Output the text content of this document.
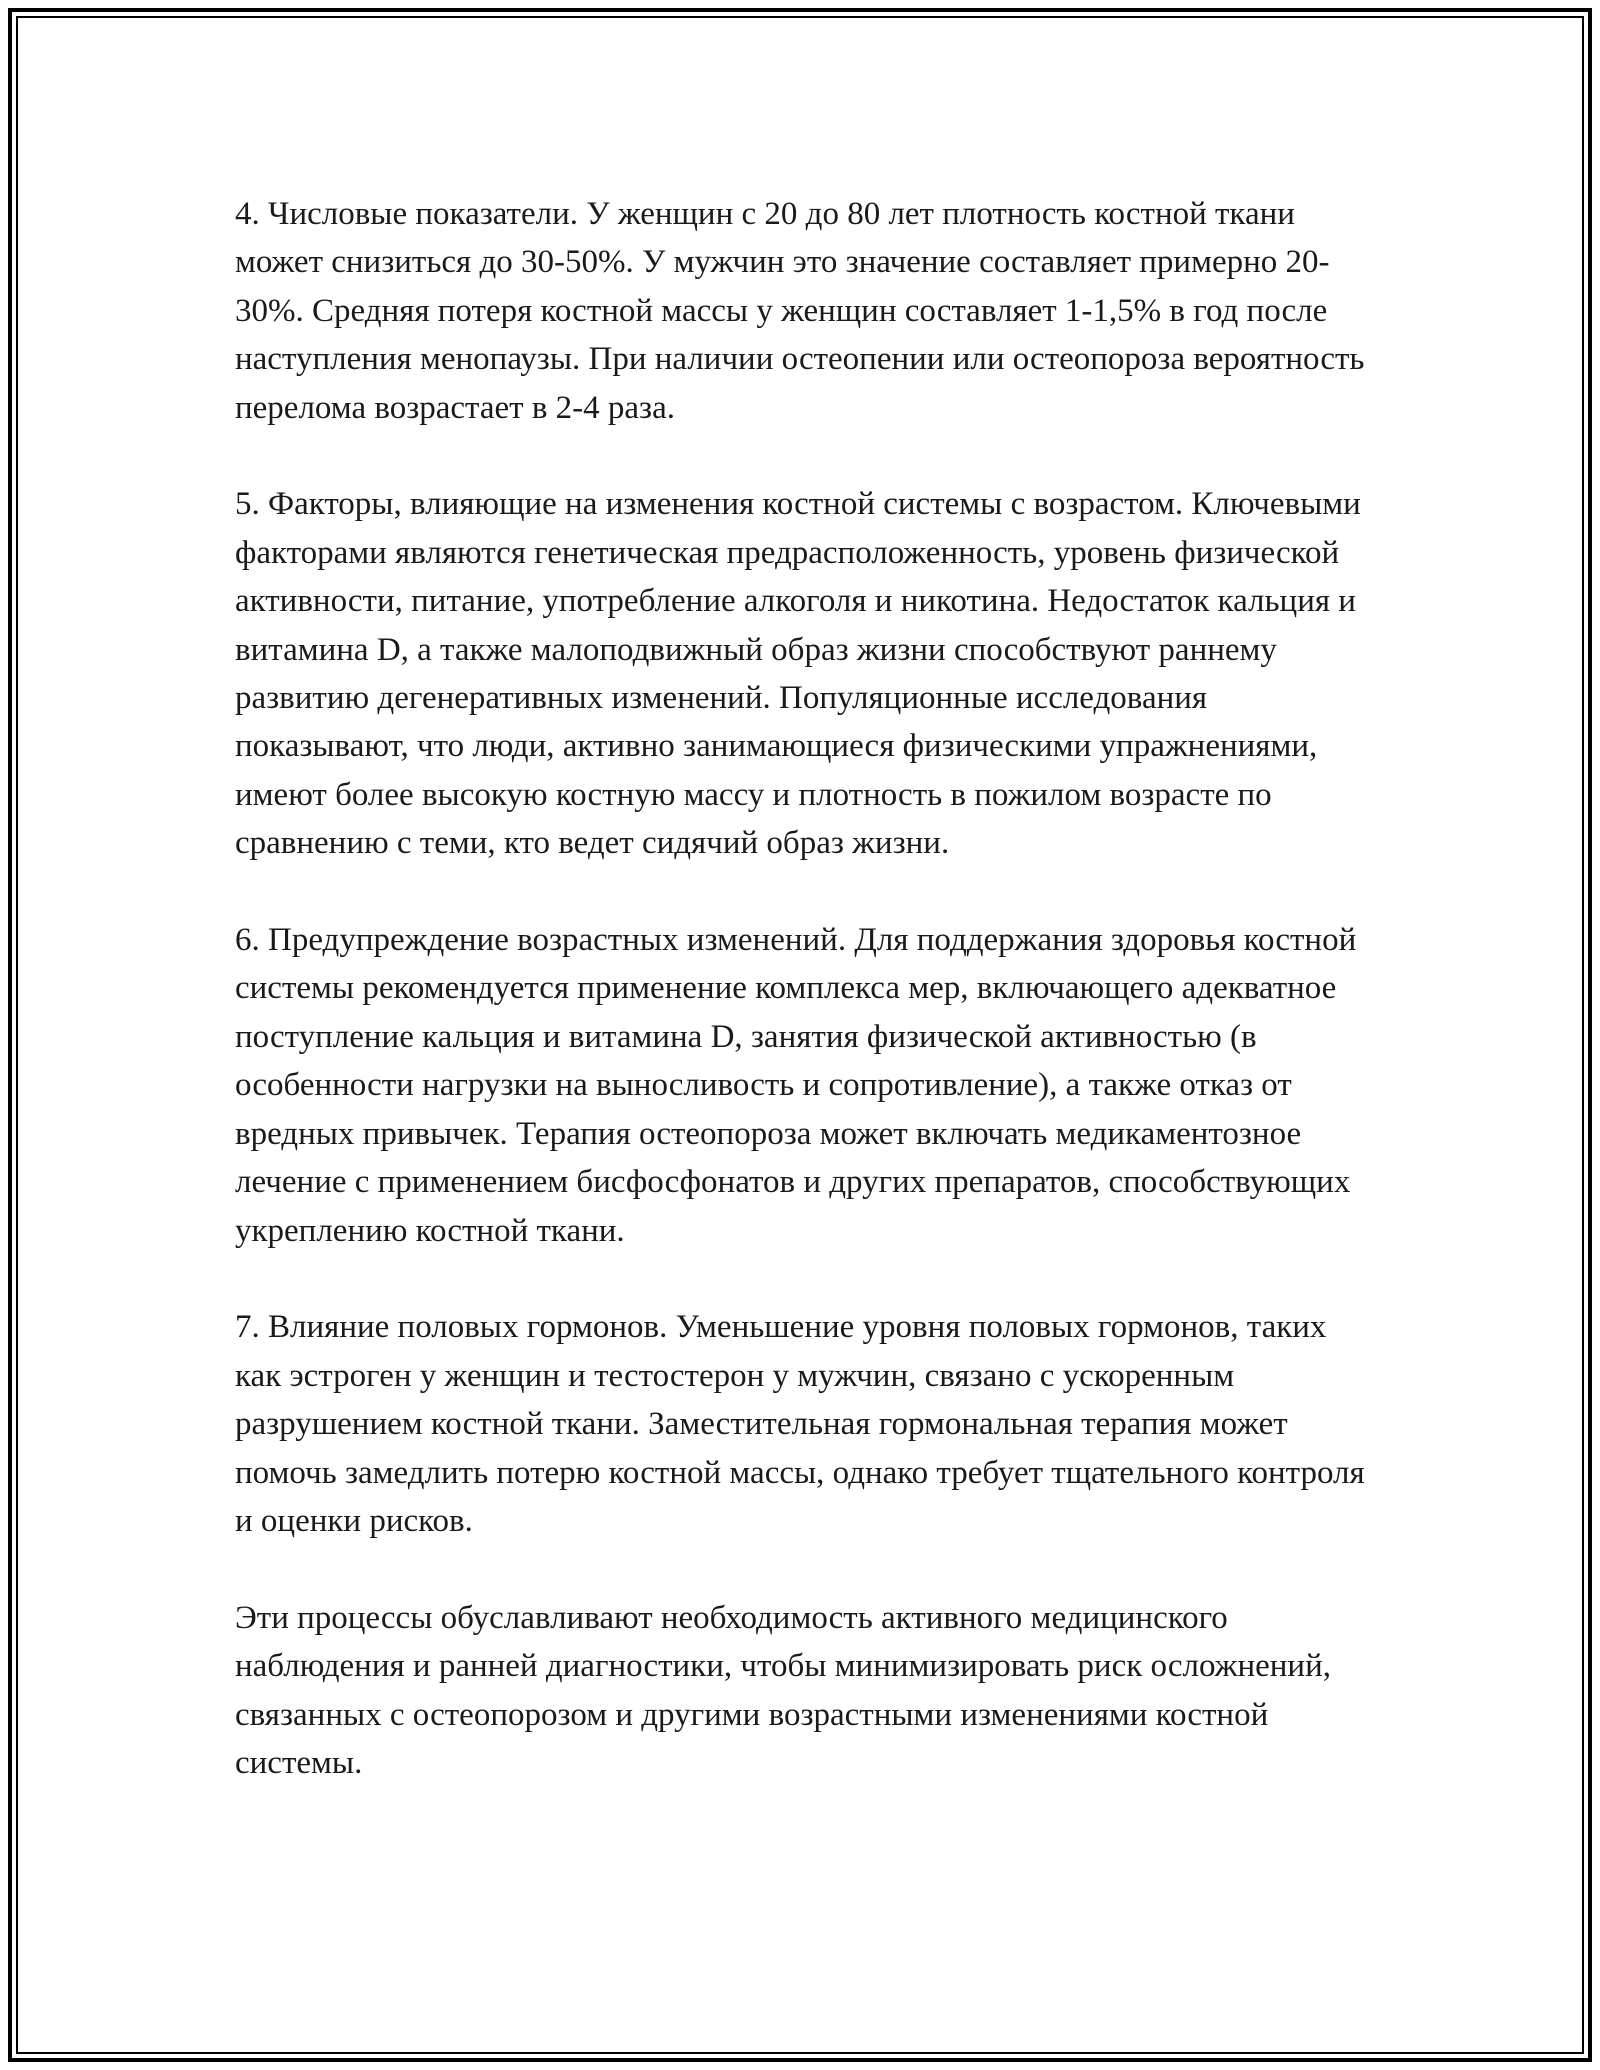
4. Числовые показатели. У женщин с 20 до 80 лет плотность костной ткани может снизиться до 30-50%. У мужчин это значение составляет примерно 20-30%. Средняя потеря костной массы у женщин составляет 1-1,5% в год после наступления менопаузы. При наличии остеопении или остеопороза вероятность перелома возрастает в 2-4 раза.

5. Факторы, влияющие на изменения костной системы с возрастом. Ключевыми факторами являются генетическая предрасположенность, уровень физической активности, питание, употребление алкоголя и никотина. Недостаток кальция и витамина D, а также малоподвижный образ жизни способствуют раннему развитию дегенеративных изменений. Популяционные исследования показывают, что люди, активно занимающиеся физическими упражнениями, имеют более высокую костную массу и плотность в пожилом возрасте по сравнению с теми, кто ведет сидячий образ жизни.

6. Предупреждение возрастных изменений. Для поддержания здоровья костной системы рекомендуется применение комплекса мер, включающего адекватное поступление кальция и витамина D, занятия физической активностью (в особенности нагрузки на выносливость и сопротивление), а также отказ от вредных привычек. Терапия остеопороза может включать медикаментозное лечение с применением бисфосфонатов и других препаратов, способствующих укреплению костной ткани.

7. Влияние половых гормонов. Уменьшение уровня половых гормонов, таких как эстроген у женщин и тестостерон у мужчин, связано с ускоренным разрушением костной ткани. Заместительная гормональная терапия может помочь замедлить потерю костной массы, однако требует тщательного контроля и оценки рисков.

Эти процессы обуславливают необходимость активного медицинского наблюдения и ранней диагностики, чтобы минимизировать риск осложнений, связанных с остеопорозом и другими возрастными изменениями костной системы.
